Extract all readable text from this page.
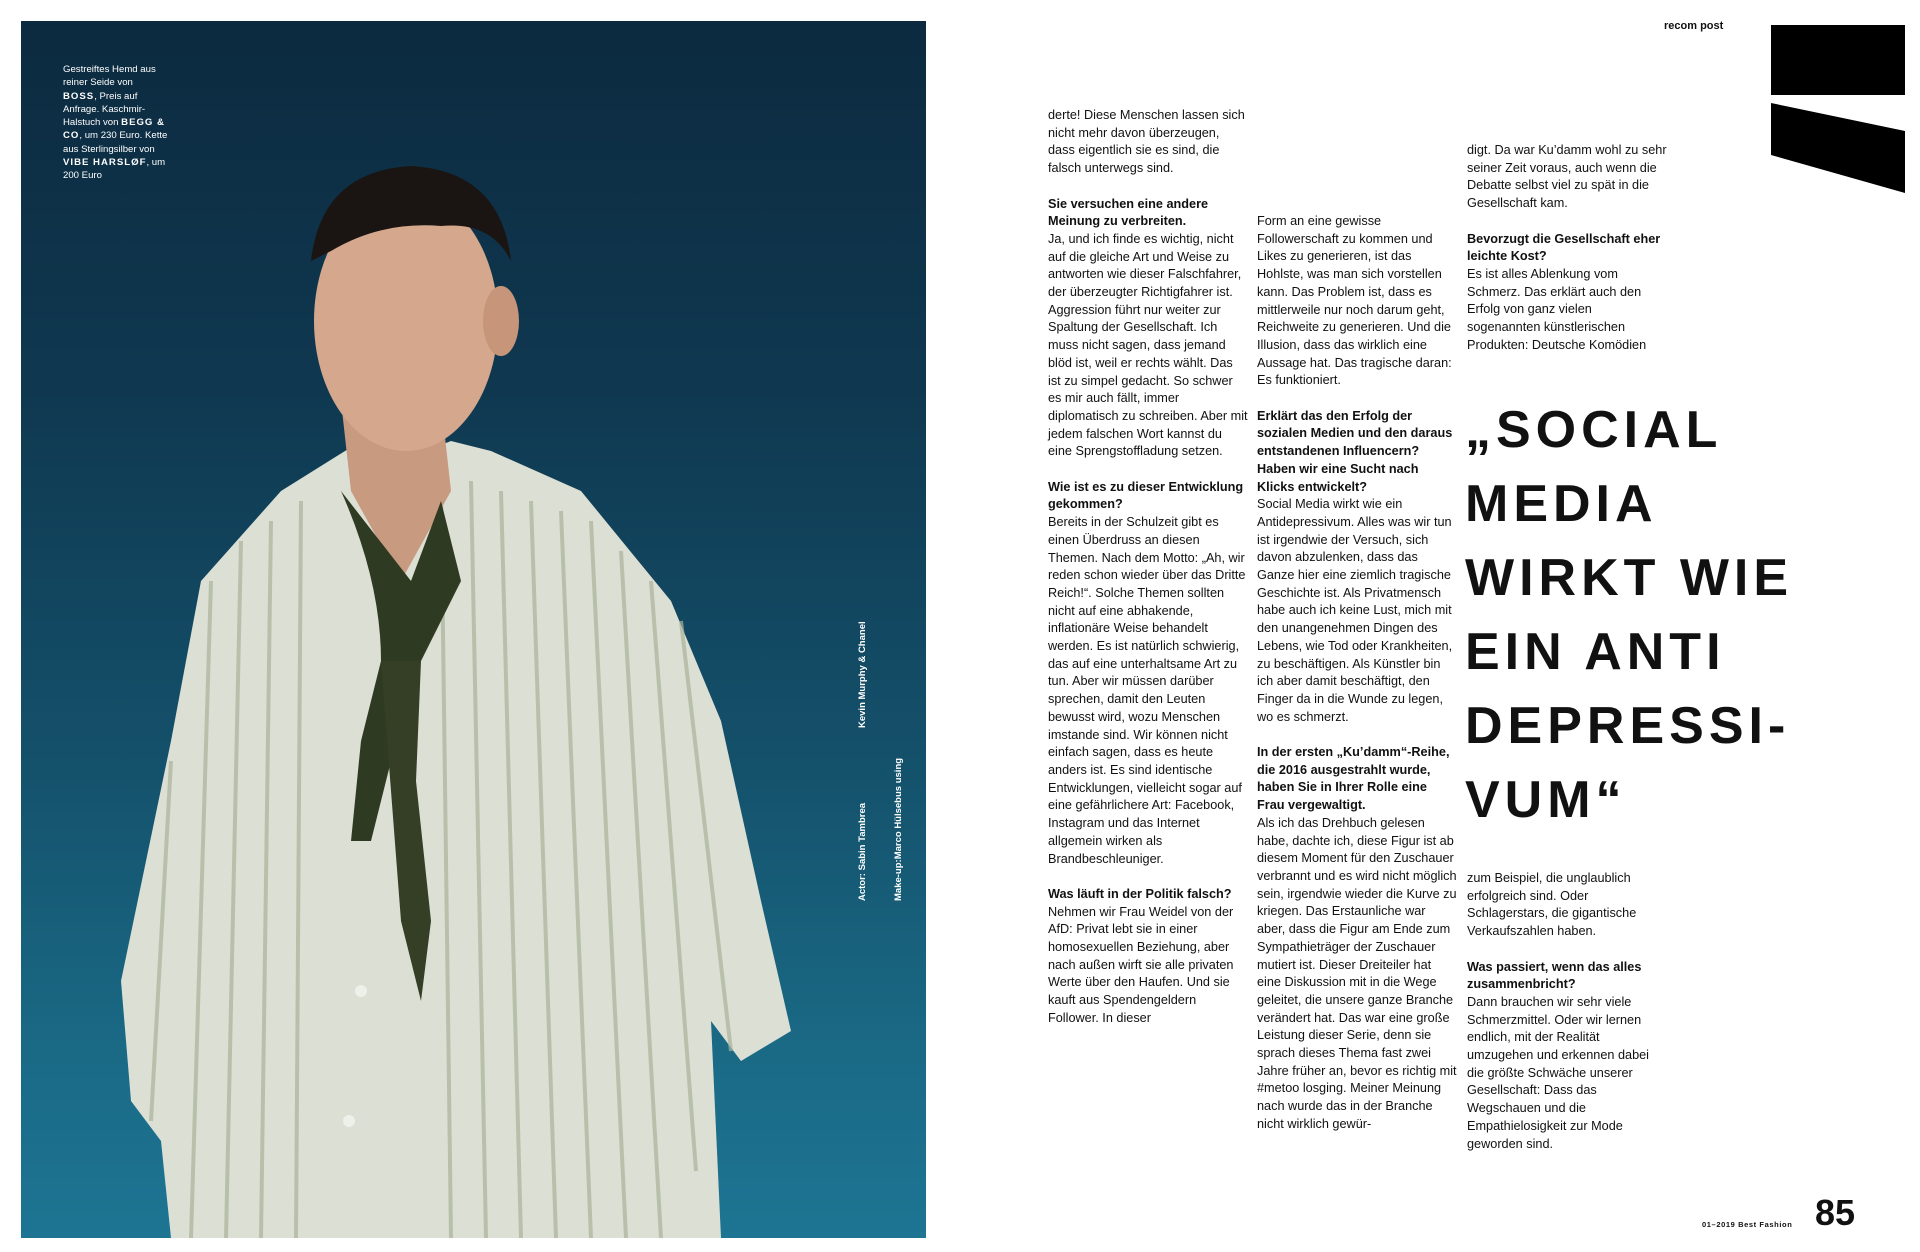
Gestreiftes Hemd aus reiner Seide von BOSS, Preis auf Anfrage. Kaschmir-Halstuch von BEGG & CO, um 230 Euro. Kette aus Sterlingsilber von VIBE HARSLØF, um 200 Euro
Kevin Murphy & Chanel
Actor: Sabin Tambrea	Make-up:Marco Hülsebus using
recom post

derte! Diese Menschen lassen sich nicht mehr davon überzeugen, dass eigentlich sie es sind, die falsch unterwegs sind.

Sie versuchen eine andere Meinung zu verbreiten.

Ja, und ich finde es wichtig, nicht auf die gleiche Art und Weise zu antworten wie dieser Falschfahrer, der überzeugter Richtigfahrer ist. Aggression führt nur weiter zur Spaltung der Gesellschaft. Ich muss nicht sagen, dass jemand blöd ist, weil er rechts wählt. Das ist zu simpel gedacht. So schwer es mir auch fällt, immer diplomatisch zu schreiben. Aber mit jedem falschen Wort kannst du eine Sprengstoffladung setzen.

Wie ist es zu dieser Entwicklung gekommen?

Bereits in der Schulzeit gibt es einen Überdruss an diesen Themen. Nach dem Motto: „Ah, wir reden schon wieder über das Dritte Reich!“. Solche Themen sollten nicht auf eine abhakende, inflationäre Weise behandelt werden. Es ist natürlich schwierig, das auf eine unterhaltsame Art zu tun. Aber wir müssen darüber sprechen, damit den Leuten bewusst wird, wozu Menschen imstande sind. Wir können nicht einfach sagen, dass es heute anders ist. Es sind identische Entwicklungen, vielleicht sogar auf eine gefährlichere Art: Facebook, Instagram und das Internet allgemein wirken als Brandbeschleuniger.

Was läuft in der Politik falsch?

Nehmen wir Frau Weidel von der AfD: Privat lebt sie in einer homosexuellen Beziehung, aber nach außen wirft sie alle privaten Werte über den Haufen. Und sie kauft aus Spendengeldern Follower. In dieser

Form an eine gewisse Followerschaft zu kommen und Likes zu generieren, ist das Hohlste, was man sich vorstellen kann. Das Problem ist, dass es mittlerweile nur noch darum geht, Reichweite zu generieren. Und die Illusion, dass das wirklich eine Aussage hat. Das tragische daran: Es funktioniert.

Erklärt das den Erfolg der sozialen Medien und den daraus entstandenen Influencern? Haben wir eine Sucht nach Klicks entwickelt?

Social Media wirkt wie ein Antidepressivum. Alles was wir tun ist irgendwie der Versuch, sich davon abzulenken, dass das Ganze hier eine ziemlich tragische Geschichte ist. Als Privatmensch habe auch ich keine Lust, mich mit den unangenehmen Dingen des Lebens, wie Tod oder Krankheiten, zu beschäftigen. Als Künstler bin ich aber damit beschäftigt, den Finger da in die Wunde zu legen, wo es schmerzt.

In der ersten „Ku’damm“-Reihe, die 2016 ausgestrahlt wurde, haben Sie in Ihrer Rolle eine Frau vergewaltigt.

Als ich das Drehbuch gelesen habe, dachte ich, diese Figur ist ab diesem Moment für den Zuschauer verbrannt und es wird nicht möglich sein, irgendwie wieder die Kurve zu kriegen. Das Erstaunliche war aber, dass die Figur am Ende zum Sympathieträger der Zuschauer mutiert ist. Dieser Dreiteiler hat eine Diskussion mit in die Wege geleitet, die unsere ganze Branche verändert hat. Das war eine große Leistung dieser Serie, denn sie sprach dieses Thema fast zwei Jahre früher an, bevor es richtig mit #metoo losging. Meiner Meinung nach wurde das in der Branche nicht wirklich gewür-

digt. Da war Ku’damm wohl zu sehr seiner Zeit voraus, auch wenn die Debatte selbst viel zu spät in die Gesellschaft kam.

Bevorzugt die Gesellschaft eher leichte Kost?

Es ist alles Ablenkung vom Schmerz. Das erklärt auch den Erfolg von ganz vielen sogenannten künstlerischen Produkten: Deutsche Komödien

„SOCIAL
MEDIA
WIRKT WIE
EIN ANTI
DEPRESSI-
VUM“

zum Beispiel, die unglaublich erfolgreich sind. Oder Schlagerstars, die gigantische Verkaufszahlen haben.

Was passiert, wenn das alles zusammenbricht?

Dann brauchen wir sehr viele Schmerzmittel. Oder wir lernen endlich, mit der Realität umzugehen und erkennen dabei die größte Schwäche unserer Gesellschaft: Dass das Wegschauen und die Empathielosigkeit zur Mode geworden sind.

01–2019 Best Fashion 85
